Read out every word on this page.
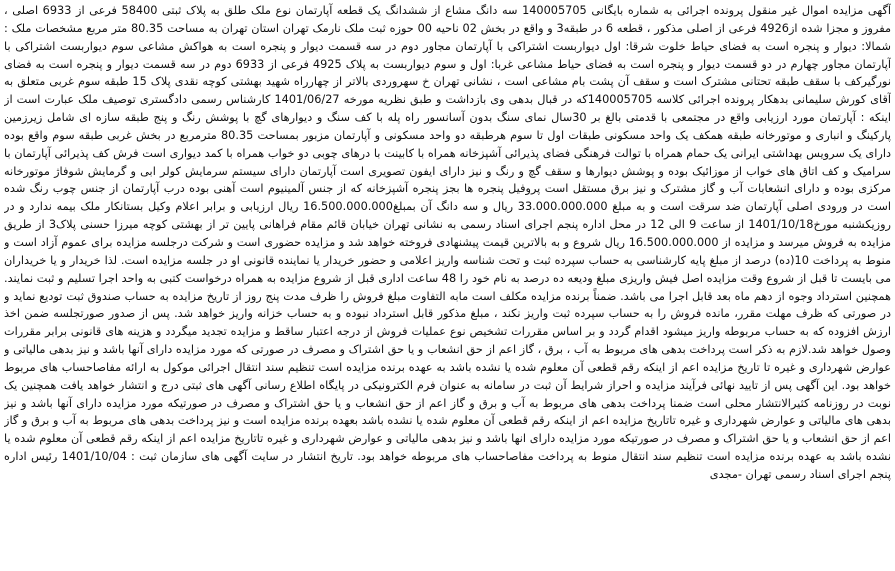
آگهی مزایده اموال غیر منقول پرونده اجرائی به شماره بایگانی 140005705 سه دانگ مشاع از ششدانگ یک قطعه آپارتمان نوع ملک طلق به پلاک ثبتی 58400 فرعی از 6933 اصلی ، مفروز و مجزا شده از4926 فرعی از اصلی مذکور ، قطعه 6 در طبقه3 و واقع در بخش 02 ناحیه 00 حوزه ثبت ملک نارمک تهران استان تهران به مساحت 80.35 متر مربع مشخصات ملک : شمالا: دیوار و پنجره است به فضای حیاط خلوت شرقا: اول دیواربست اشتراکی با آپارتمان مجاور دوم در سه قسمت دیوار و پنجره است به هواکش مشاعی سوم دیواربست اشتراکی با آپارتمان مجاور چهارم در دو قسمت دیوار و پنجره است به فضای حیاط مشاعی غربا: اول و سوم دیواربست به پلاک 4925 فرعی از 6933 دوم در سه قسمت دیوار و پنجره است به فضای نورگیرکف با سقف طبقه تحتانی مشترک است و سقف آن پشت بام مشاعی است ، نشانی تهران خ سهروردی بالاتر از چهارراه شهید بهشتی کوچه نقدی پلاک 15 طبقه سوم غربی متعلق به آقای کورش سلیمانی بدهکار پرونده اجرائی کلاسه 140005705که در قبال بدهی وی بازداشت و طبق نظریه مورخه 1401/06/27 کارشناس رسمی دادگستری توصیف ملک عبارت است از اینکه : آپارتمان مورد ارزیابی واقع در مجتمعی با قدمتی بالغ بر 30سال نمای سنگ بدون آسانسور راه پله با کف سنگ و دیوارهای گچ با پوشش رنگ و پنج طبقه سازه ای شامل زیرزمین پارکینگ و انباری و موتورخانه طبقه همکف یک واحد مسکونی طبقات اول تا سوم هرطبقه دو واحد مسکونی و آپارتمان مزبور بمساحت 80.35 مترمربع در بخش غربی طبقه سوم واقع بوده دارای یک سرویس بهداشتی ایرانی یک حمام همراه با توالت فرهنگی فضای پذیرائی آشپزخانه همراه با کابینت با درهای چوبی دو خواب همراه با کمد دیواری است فرش کف پذیرائی آپارتمان با سرامیک و کف اتاق های خواب از موزائیک بوده و پوشش دیوارها و سقف گچ و رنگ و نیز دارای ایفون تصویری است آپارتمان دارای سیستم سرمایش کولر ابی و گرمایش شوفاژ موتورخانه مرکزی بوده و دارای انشعابات آب و گاز مشترک و نیز برق مستقل است پروفیل پنجره ها بجز پنجره آشپزخانه که از جنس آلمینیوم است آهنی بوده درب آپارتمان از جنس چوب رنگ شده است در ورودی اصلی آپارتمان ضد سرقت است و به مبلغ 33.000.000.000 ریال و سه دانگ آن بمبلغ16.500.000.000 ریال ارزیابی و برابر اعلام وکیل بستانکار ملک بیمه ندارد و در روزیکشنبه مورخ1401/10/18 از ساعت 9 الی 12 در محل اداره پنجم اجرای اسناد رسمی به نشانی تهران خیابان قائم مقام فراهانی پایین تر از بهشتی کوچه میرزا حسنی پلاک3 از طریق مزایده به فروش میرسد و مزایده از 16.500.000.000 ریال شروع و به بالاترین قیمت پیشنهادی فروخته خواهد شد و مزایده حضوری است و شرکت درجلسه مزایده برای عموم آزاد است و منوط به پرداخت 10(ده) درصد از مبلغ پایه کارشناسی به حساب سپرده ثبت و تحت شناسه واریز اعلامی و حضور خریدار یا نماینده قانونی او در جلسه مزایده است. لذا خریدار و یا خریداران می بایست تا قبل از شروع وقت مزایده اصل فیش واریزی مبلغ ودیعه ده درصد به نام خود را 48 ساعت اداری قبل از شروع مزایده به همراه درخواست کتبی به واحد اجرا تسلیم و ثبت نمایند. همچنین استرداد وجوه از دهم ماه بعد قابل اجرا می باشد. ضمناً برنده مزایده مکلف است مابه التفاوت مبلغ فروش را ظرف مدت پنج روز از تاریخ مزایده به حساب صندوق ثبت تودیع نماید و در صورتی که ظرف مهلت مقرر، مانده فروش را به حساب سپرده ثبت واریز نکند ، مبلغ مذکور قابل استرداد نبوده و به حساب خزانه واریز خواهد شد. پس از صدور صورتجلسه ضمن اخذ ارزش افزوده که به حساب مربوطه واریز میشود اقدام گردد و بر اساس مقررات تشخیص نوع عملیات فروش از درجه اعتبار ساقط و مزایده تجدید میگردد و هزینه های قانونی برابر مقررات وصول خواهد شد.لازم به ذکر است پرداخت بدهی های مربوط به آب ، برق ، گاز اعم از حق انشعاب و یا حق اشتراک و مصرف در صورتی که مورد مزایده دارای آنها باشد و نیز بدهی مالیاتی و عوارض شهرداری و غیره تا تاریخ مزایده اعم از اینکه رقم قطعی آن معلوم شده یا نشده باشد به عهده برنده مزایده است تنظیم سند انتقال اجرائی موکول به ارائه مفاصاحساب های مربوط خواهد بود. این آگهی پس از تایید نهائی فرآیند مزایده و احراز شرایط آن ثبت در سامانه به عنوان فرم الکترونیکی در پایگاه اطلاع رسانی آگهی های ثبتی درج و انتشار خواهد یافت همچنین یک نوبت در روزنامه کثیرالانتشار محلی است ضمنا پرداخت بدهی های مربوط به آب و برق و گاز اعم از حق انشعاب و یا حق اشتراک و مصرف در صورتیکه مورد مزایده دارای آنها باشد و نیز بدهی های مالیاتی و عوارض شهرداری و غیره تاتاریخ مزایده اعم از اینکه رقم قطعی آن معلوم شده یا نشده باشد بعهده برنده مزایده است و نیز پرداخت بدهی های مربوط به آب و برق و گاز اعم از حق انشعاب و یا حق اشتراک و مصرف در صورتیکه مورد مزایده دارای انها باشد و نیز بدهی مالیاتی و عوارض شهرداری و غیره تاتاریخ مزایده اعم از اینکه رقم قطعی آن معلوم شده یا نشده باشد به عهده برنده مزایده است تنظیم سند انتقال منوط به پرداخت مفاصاحساب های مربوطه خواهد بود. تاریخ انتشار در سایت آگهی های سازمان ثبت : 1401/10/04 رئیس اداره پنجم اجرای اسناد رسمی تهران -مجدی
